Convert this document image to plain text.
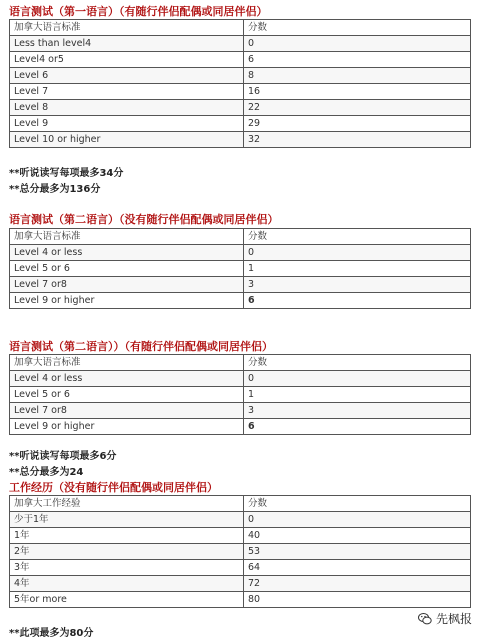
语言测试（第一语言）（有随行伴侣配偶或同居伴侣）
加拿大语言标准	分数
Less than level4	0
Level4 or5	6
Level 6	8
Level 7	16
Level 8	22
Level 9	29
Level 10 or higher	32
**听说读写每项最多34分
**总分最多为136分
语言测试（第二语言）（没有随行伴侣配偶或同居伴侣）
加拿大语言标准	分数
Level 4 or less	0
Level 5 or 6	1
Level 7 or8	3
Level 9 or higher	6
语言测试（第二语言））（有随行伴侣配偶或同居伴侣）
加拿大语言标准	分数
Level 4 or less	0
Level 5 or 6	1
Level 7 or8	3
Level 9 or higher	6
**听说读写每项最多6分
**总分最多为24
工作经历（没有随行伴侣配偶或同居伴侣）
加拿大工作经验	分数
少于1年	0
1年	40
2年	53
3年	64
4年	72
5年or more	80
**此项最多为80分
先枫报
